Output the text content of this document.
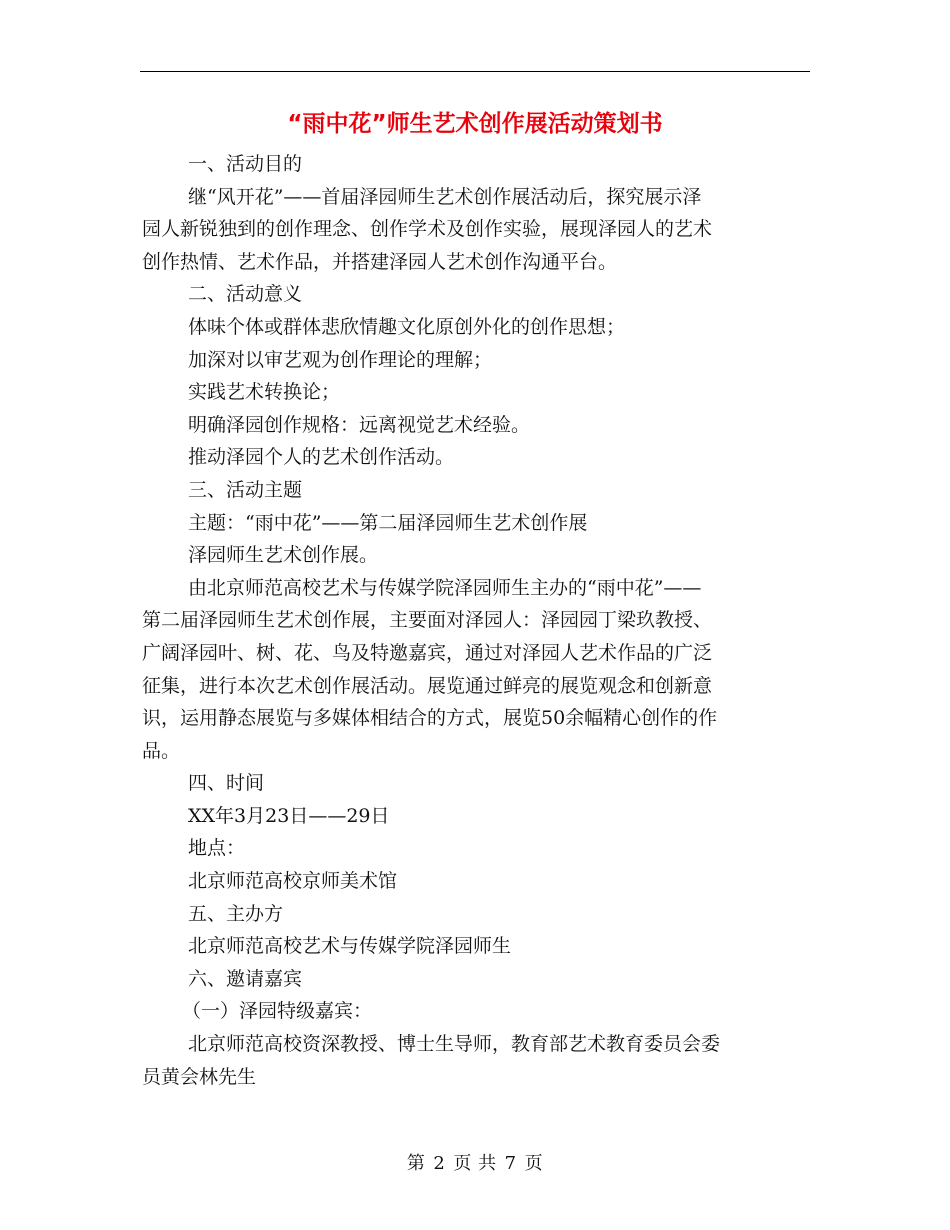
“雨中花”师生艺术创作展活动策划书
一、活动目的
继“风开花”——首届泽园师生艺术创作展活动后，探究展示泽
园人新锐独到的创作理念、创作学术及创作实验，展现泽园人的艺术
创作热情、艺术作品，并搭建泽园人艺术创作沟通平台。
二、活动意义
体味个体或群体悲欣情趣文化原创外化的创作思想；
加深对以审艺观为创作理论的理解；
实践艺术转换论；
明确泽园创作规格：远离视觉艺术经验。
推动泽园个人的艺术创作活动。
三、活动主题
主题：“雨中花”——第二届泽园师生艺术创作展
泽园师生艺术创作展。
由北京师范高校艺术与传媒学院泽园师生主办的“雨中花”——
第二届泽园师生艺术创作展，主要面对泽园人：泽园园丁梁玖教授、
广阔泽园叶、树、花、鸟及特邀嘉宾，通过对泽园人艺术作品的广泛
征集，进行本次艺术创作展活动。展览通过鲜亮的展览观念和创新意
识，运用静态展览与多媒体相结合的方式，展览50余幅精心创作的作
品。
四、时间
XX年3月23日——29日
地点：
北京师范高校京师美术馆
五、主办方
北京师范高校艺术与传媒学院泽园师生
六、邀请嘉宾
（一）泽园特级嘉宾：
北京师范高校资深教授、博士生导师，教育部艺术教育委员会委
员黄会林先生
第 2 页 共 7 页
